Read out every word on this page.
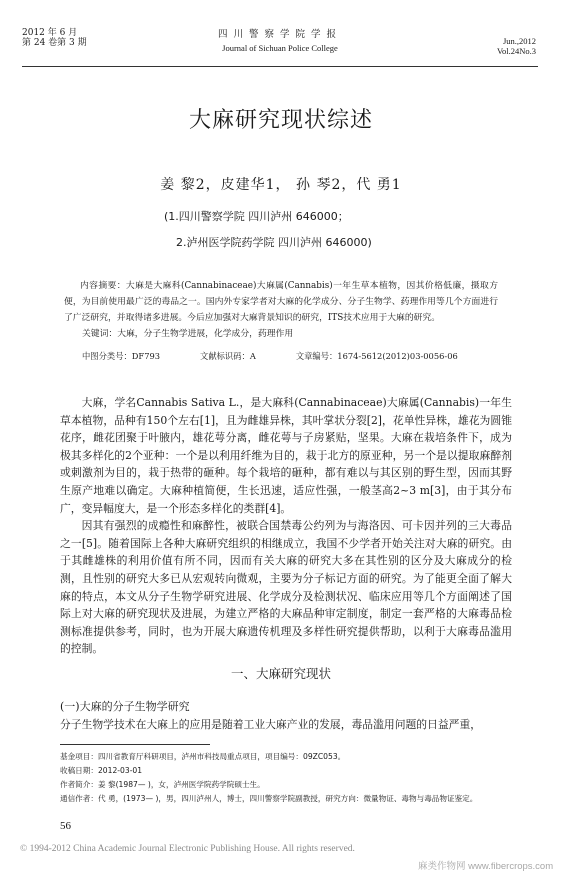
2012 年 6 月
第 24 卷第 3 期
四川警察学院学报
Journal of Sichuan Police College
Jun.,2012
Vol.24No.3
大麻研究现状综述
姜 黎2，皮建华1， 孙 琴2，代 勇1
(1.四川警察学院 四川泸州 646000；
2.泸州医学院药学院 四川泸州 646000)

内容摘要：大麻是大麻科(Cannabinaceae)大麻属(Cannabis)一年生草本植物，因其价格低廉，摄取方便，为目前使用最广泛的毒品之一。国内外专家学者对大麻的化学成分、分子生物学、药理作用等几个方面进行了广泛研究，并取得诸多进展。今后应加强对大麻背景知识的研究，ITS技术应用于大麻的研究。

关键词：大麻，分子生物学进展，化学成分，药理作用

中图分类号：DF793	文献标识码：A	文章编号：1674-5612(2012)03-0056-06

大麻，学名Cannabis Sativa L.，是大麻科(Cannabinaceae)大麻属(Cannabis)一年生草本植物，品种有150个左右[1]，且为雌雄异株，其叶掌状分裂[2]，花单性异株，雄花为圆锥花序，雌花团聚于叶腋内，雄花萼分离，雌花萼与子房紧贴，坚果。大麻在栽培条件下，成为极其多样化的2个亚种：一个是以利用纤维为目的，栽于北方的原亚种，另一个是以提取麻醉剂或刺激剂为目的，栽于热带的砸种。每个栽培的砸种，都有难以与其区别的野生型，因而其野生原产地难以确定。大麻种植简便，生长迅速，适应性强，一般茎高2~3 m[3]，由于其分布广，变异幅度大，是一个形态多样化的类群[4]。

因其有强烈的成瘾性和麻醉性，被联合国禁毒公约列为与海洛因、可卡因并列的三大毒品之一[5]。随着国际上各种大麻研究组织的相继成立，我国不少学者开始关注对大麻的研究。由于其雌雄株的利用价值有所不同，因而有关大麻的研究大多在其性别的区分及大麻成分的检测，且性别的研究大多已从宏观转向微观，主要为分子标记方面的研究。为了能更全面了解大麻的特点，本文从分子生物学研究进展、化学成分及检测状况、临床应用等几个方面阐述了国际上对大麻的研究现状及进展，为建立严格的大麻品种审定制度，制定一套严格的大麻毒品检测标准提供参考，同时，也为开展大麻遗传机理及多样性研究提供帮助，以利于大麻毒品滥用的控制。

一、大麻研究现状
(一)大麻的分子生物学研究
分子生物学技术在大麻上的应用是随着工业大麻产业的发展，毒品滥用问题的日益严重，
基金项目：四川省教育厅科研项目，泸州市科技局重点项目，项目编号：09ZC053。
收稿日期：2012-03-01
作者简介：姜 黎(1987— )，女，泸州医学院药学院硕士生。
通信作者：代 勇，(1973— )，男，四川泸州人，博士，四川警察学院副教授，研究方向：微量物证、毒物与毒品物证鉴定。
56
© 1994-2012 China Academic Journal Electronic Publishing House. All rights reserved.
麻类作物网 www.fibercrops.com
